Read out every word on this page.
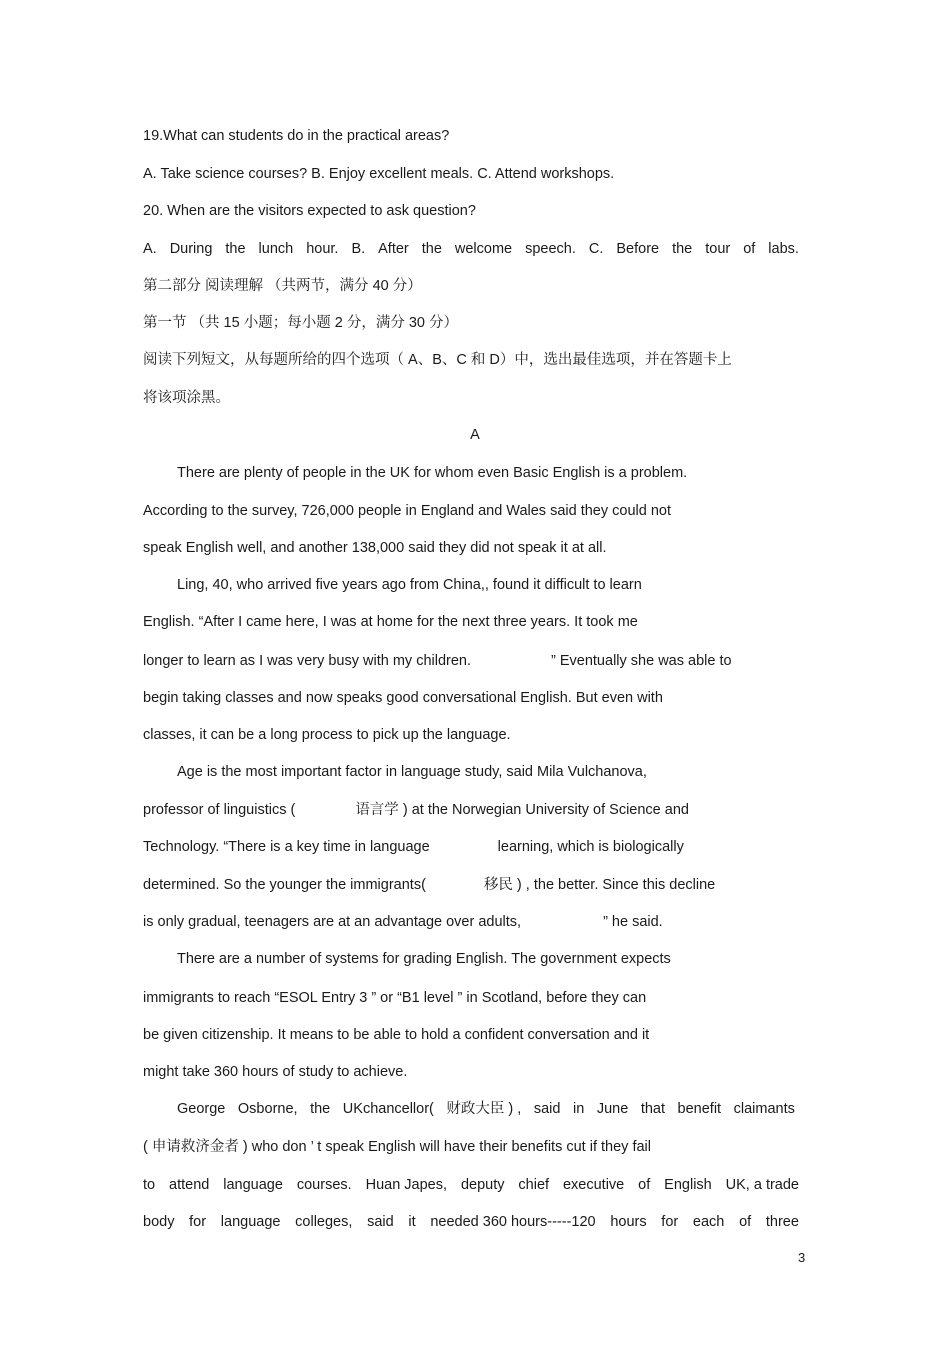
19.What can students do in the practical areas?
A. Take science courses? B. Enjoy excellent meals. C. Attend workshops.
20. When are the visitors expected to ask question?
A. During the lunch hour. B. After the welcome speech. C. Before the tour of labs.
第二部分 阅读理解 （共两节，满分 40 分）
第一节 （共 15 小题；每小题 2 分，满分 30 分）
阅读下列短文，从每题所给的四个选项（ A、B、C 和 D）中，选出最佳选项，并在答题卡上
将该项涂黑。
A
There are plenty of people in the UK for whom even Basic English is a problem.
According to the survey, 726,000 people in England and Wales said they could not
speak English well, and another 138,000 said they did not speak it at all.
Ling, 40, who arrived five years ago from China,, found it difficult to learn
English. “After I came here, I was at home for the next three years. It took me
longer to learn as I was very busy with my children.	” Eventually she was able to
begin taking classes and now speaks good conversational English. But even with
classes, it can be a long process to pick up the language.
Age is the most important factor in language study, said Mila Vulchanova,
professor of linguistics (	语言学 ) at the Norwegian University of Science and
Technology. “There is a key time in language	learning, which is biologically
determined. So the younger the immigrants(	移民 ) , the better. Since this decline
is only gradual, teenagers are at an advantage over adults,	” he said.
There are a number of systems for grading English. The government expects
immigrants to reach “ESOL Entry 3 ” or “B1 level ” in Scotland, before they can
be given citizenship. It means to be able to hold a confident conversation and it
might take 360 hours of study to achieve.
George Osborne, the UKchancellor( 财政大臣 ) , said in June that benefit claimants
( 申请救济金者 ) who don ’ t speak English will have their benefits cut if they fail
to attend language courses. Huan Japes, deputy chief executive of English UK, a trade
body for language colleges, said it needed 360 hours-----120 hours for each of three
3
